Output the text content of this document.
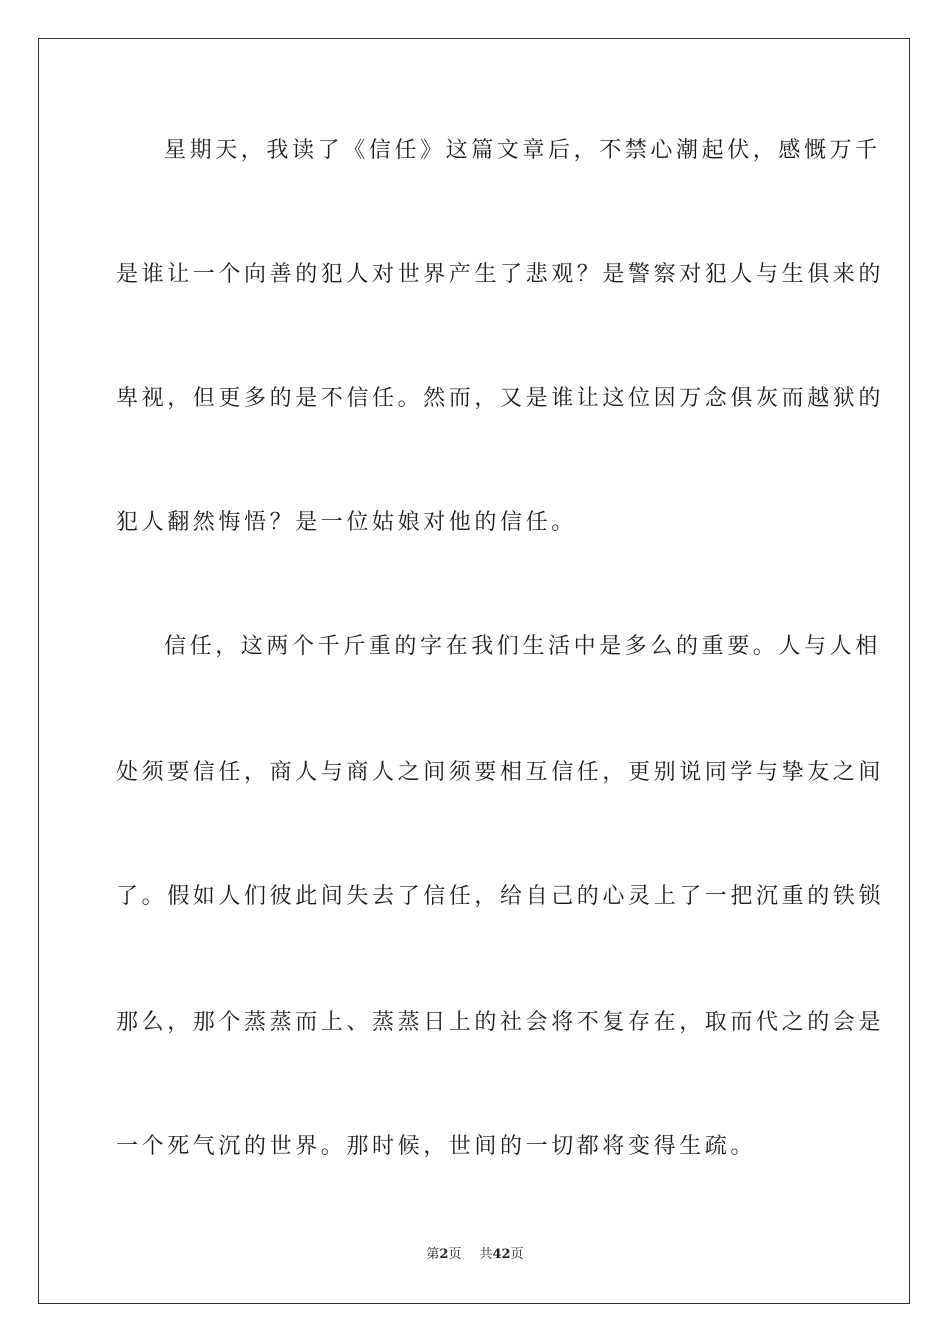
星期天，我读了《信任》这篇文章后，不禁心潮起伏，感慨万千
是谁让一个向善的犯人对世界产生了悲观？是警察对犯人与生俱来的
卑视，但更多的是不信任。然而，又是谁让这位因万念俱灰而越狱的
犯人翻然悔悟？是一位姑娘对他的信任。
信任，这两个千斤重的字在我们生活中是多么的重要。人与人相
处须要信任，商人与商人之间须要相互信任，更别说同学与挚友之间
了。假如人们彼此间失去了信任，给自己的心灵上了一把沉重的铁锁
那么，那个蒸蒸而上、蒸蒸日上的社会将不复存在，取而代之的会是
一个死气沉的世界。那时候，世间的一切都将变得生疏。
第2页 共42页
